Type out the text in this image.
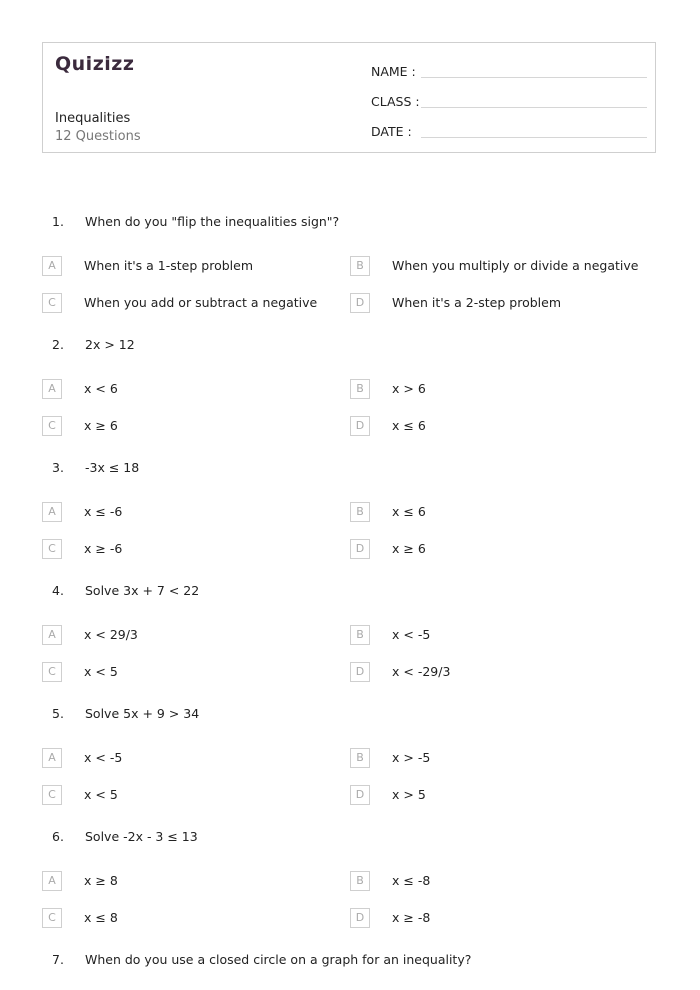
Quizizz
Inequalities
12 Questions
NAME :
CLASS :
DATE :
1. When do you "flip the inequalities sign"?
A	When it's a 1-step problem	B	When you multiply or divide a negative
C	When you add or subtract a negative	D	When it's a 2-step problem
2. 2x > 12
A	x < 6	B	x > 6
C	x ≥ 6	D	x ≤ 6
3. -3x ≤ 18
A	x ≤ -6	B	x ≤ 6
C	x ≥ -6	D	x ≥ 6
4. Solve 3x + 7 < 22
A	x < 29/3	B	x < -5
C	x < 5	D	x < -29/3
5. Solve 5x + 9 > 34
A	x < -5	B	x > -5
C	x < 5	D	x > 5
6. Solve -2x - 3 ≤ 13
A	x ≥ 8	B	x ≤ -8
C	x ≤ 8	D	x ≥ -8
7. When do you use a closed circle on a graph for an inequality?
